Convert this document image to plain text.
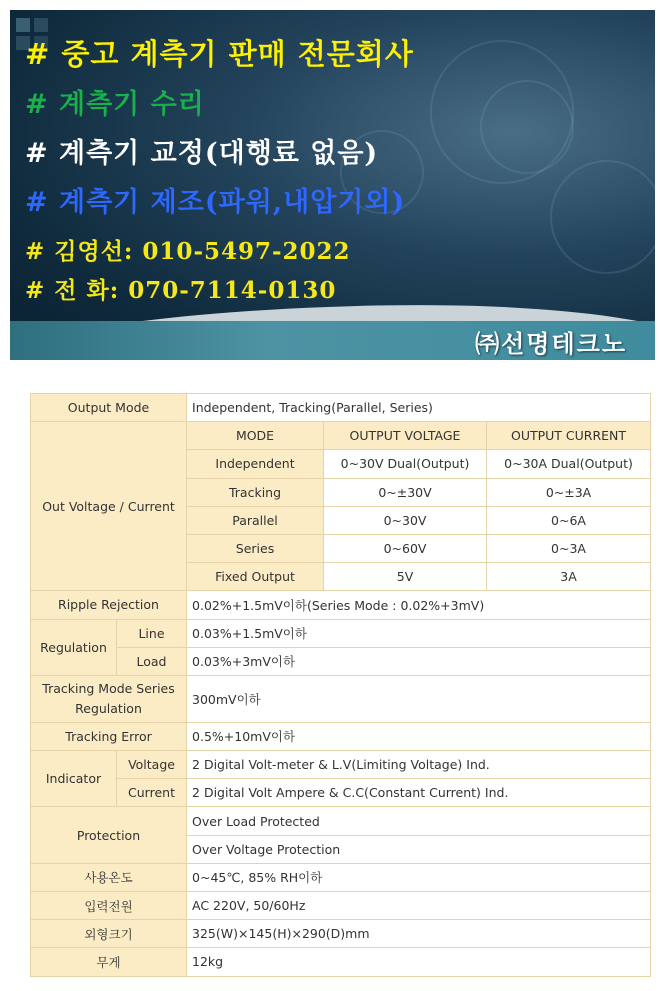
# 중고 계측기 판매 전문회사
# 계측기 수리
# 계측기 교정(대행료 없음)
# 계측기 제조(파워,내압기외)
# 김영선: 010-5497-2022
# 전 화: 070-7114-0130
㈜선명테크노
Output Mode		Independent, Tracking(Parallel, Series)		
Out Voltage / Current		MODE	OUTPUT VOLTAGE	OUTPUT CURRENT
		Independent	0~30V Dual(Output)	0~30A Dual(Output)
		Tracking	0~±30V	0~±3A
		Parallel	0~30V	0~6A
		Series	0~60V	0~3A
		Fixed Output	5V	3A
Ripple Rejection		0.02%+1.5mV이하(Series Mode : 0.02%+3mV)		
Regulation	Line	0.03%+1.5mV이하		
	Load	0.03%+3mV이하		
Tracking Mode Series Regulation		300mV이하		
Tracking Error		0.5%+10mV이하		
Indicator	Voltage	2 Digital Volt-meter & L.V(Limiting Voltage) Ind.		
	Current	2 Digital Volt Ampere & C.C(Constant Current) Ind.		
Protection		Over Load Protected		
		Over Voltage Protection		
사용온도		0~45℃, 85% RH이하		
입력전원		AC 220V, 50/60Hz		
외형크기		325(W)×145(H)×290(D)mm		
무게		12kg		
